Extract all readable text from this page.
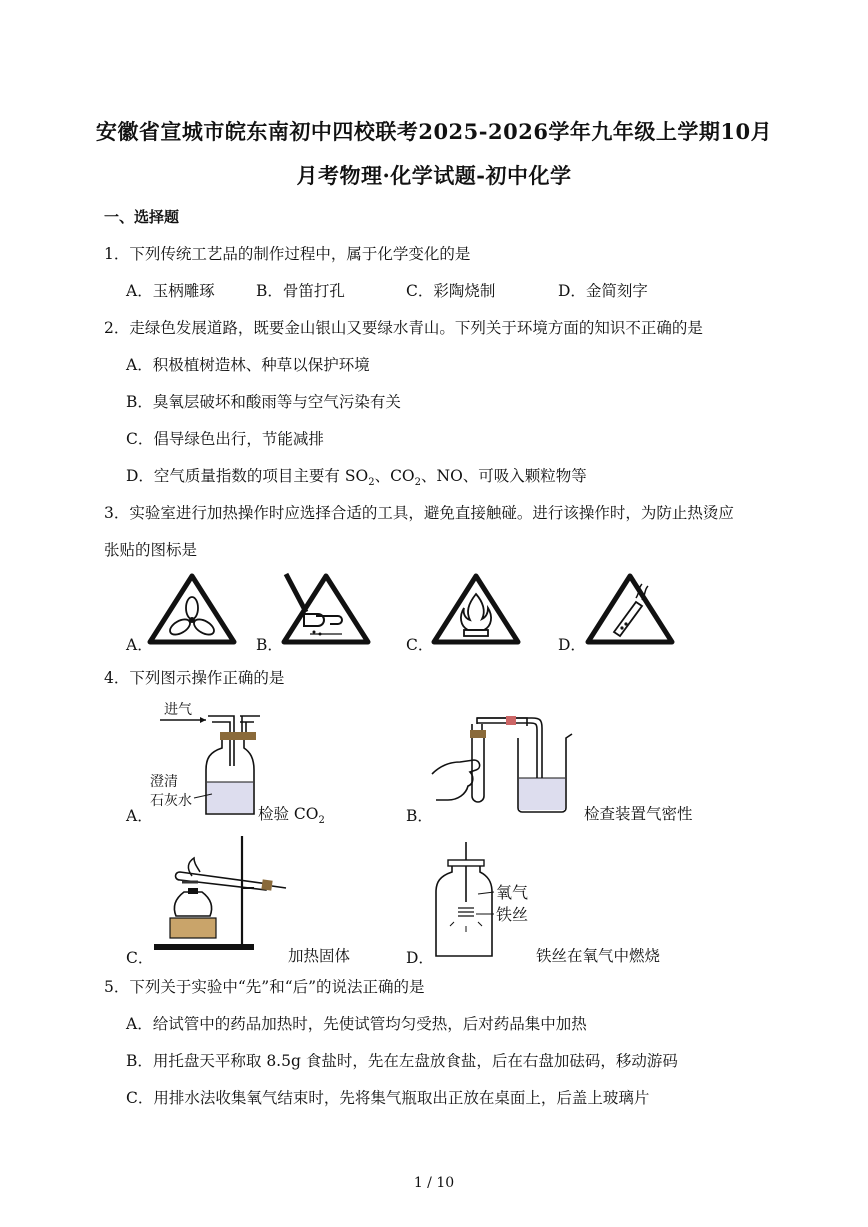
安徽省宣城市皖东南初中四校联考2025-2026学年九年级上学期10月
月考物理·化学试题-初中化学
一、选择题
1．下列传统工艺品的制作过程中，属于化学变化的是
A．玉柄雕琢	B．骨笛打孔	C．彩陶烧制	D．金简刻字
2．走绿色发展道路，既要金山银山又要绿水青山。下列关于环境方面的知识不正确的是
A．积极植树造林、种草以保护环境
B．臭氧层破坏和酸雨等与空气污染有关
C．倡导绿色出行，节能减排
D．空气质量指数的项目主要有 $SO_2$、$CO_2$、NO、可吸入颗粒物等
3．实验室进行加热操作时应选择合适的工具，避免直接触碰。进行该操作时，为防止热烫应
张贴的图标是
A．	B．	C．	D．
4．下列图示操作正确的是
A．
进气
澄清
石灰水
检验 $CO_2$	B．	检查装置气密性
C．	加热固体	D．
氧气
铁丝
铁丝在氧气中燃烧
5．下列关于实验中“先”和“后”的说法正确的是
A．给试管中的药品加热时，先使试管均匀受热，后对药品集中加热
B．用托盘天平称取 8.5g 食盐时，先在左盘放食盐，后在右盘加砝码，移动游码
C．用排水法收集氧气结束时，先将集气瓶取出正放在桌面上，后盖上玻璃片
1 / 10
